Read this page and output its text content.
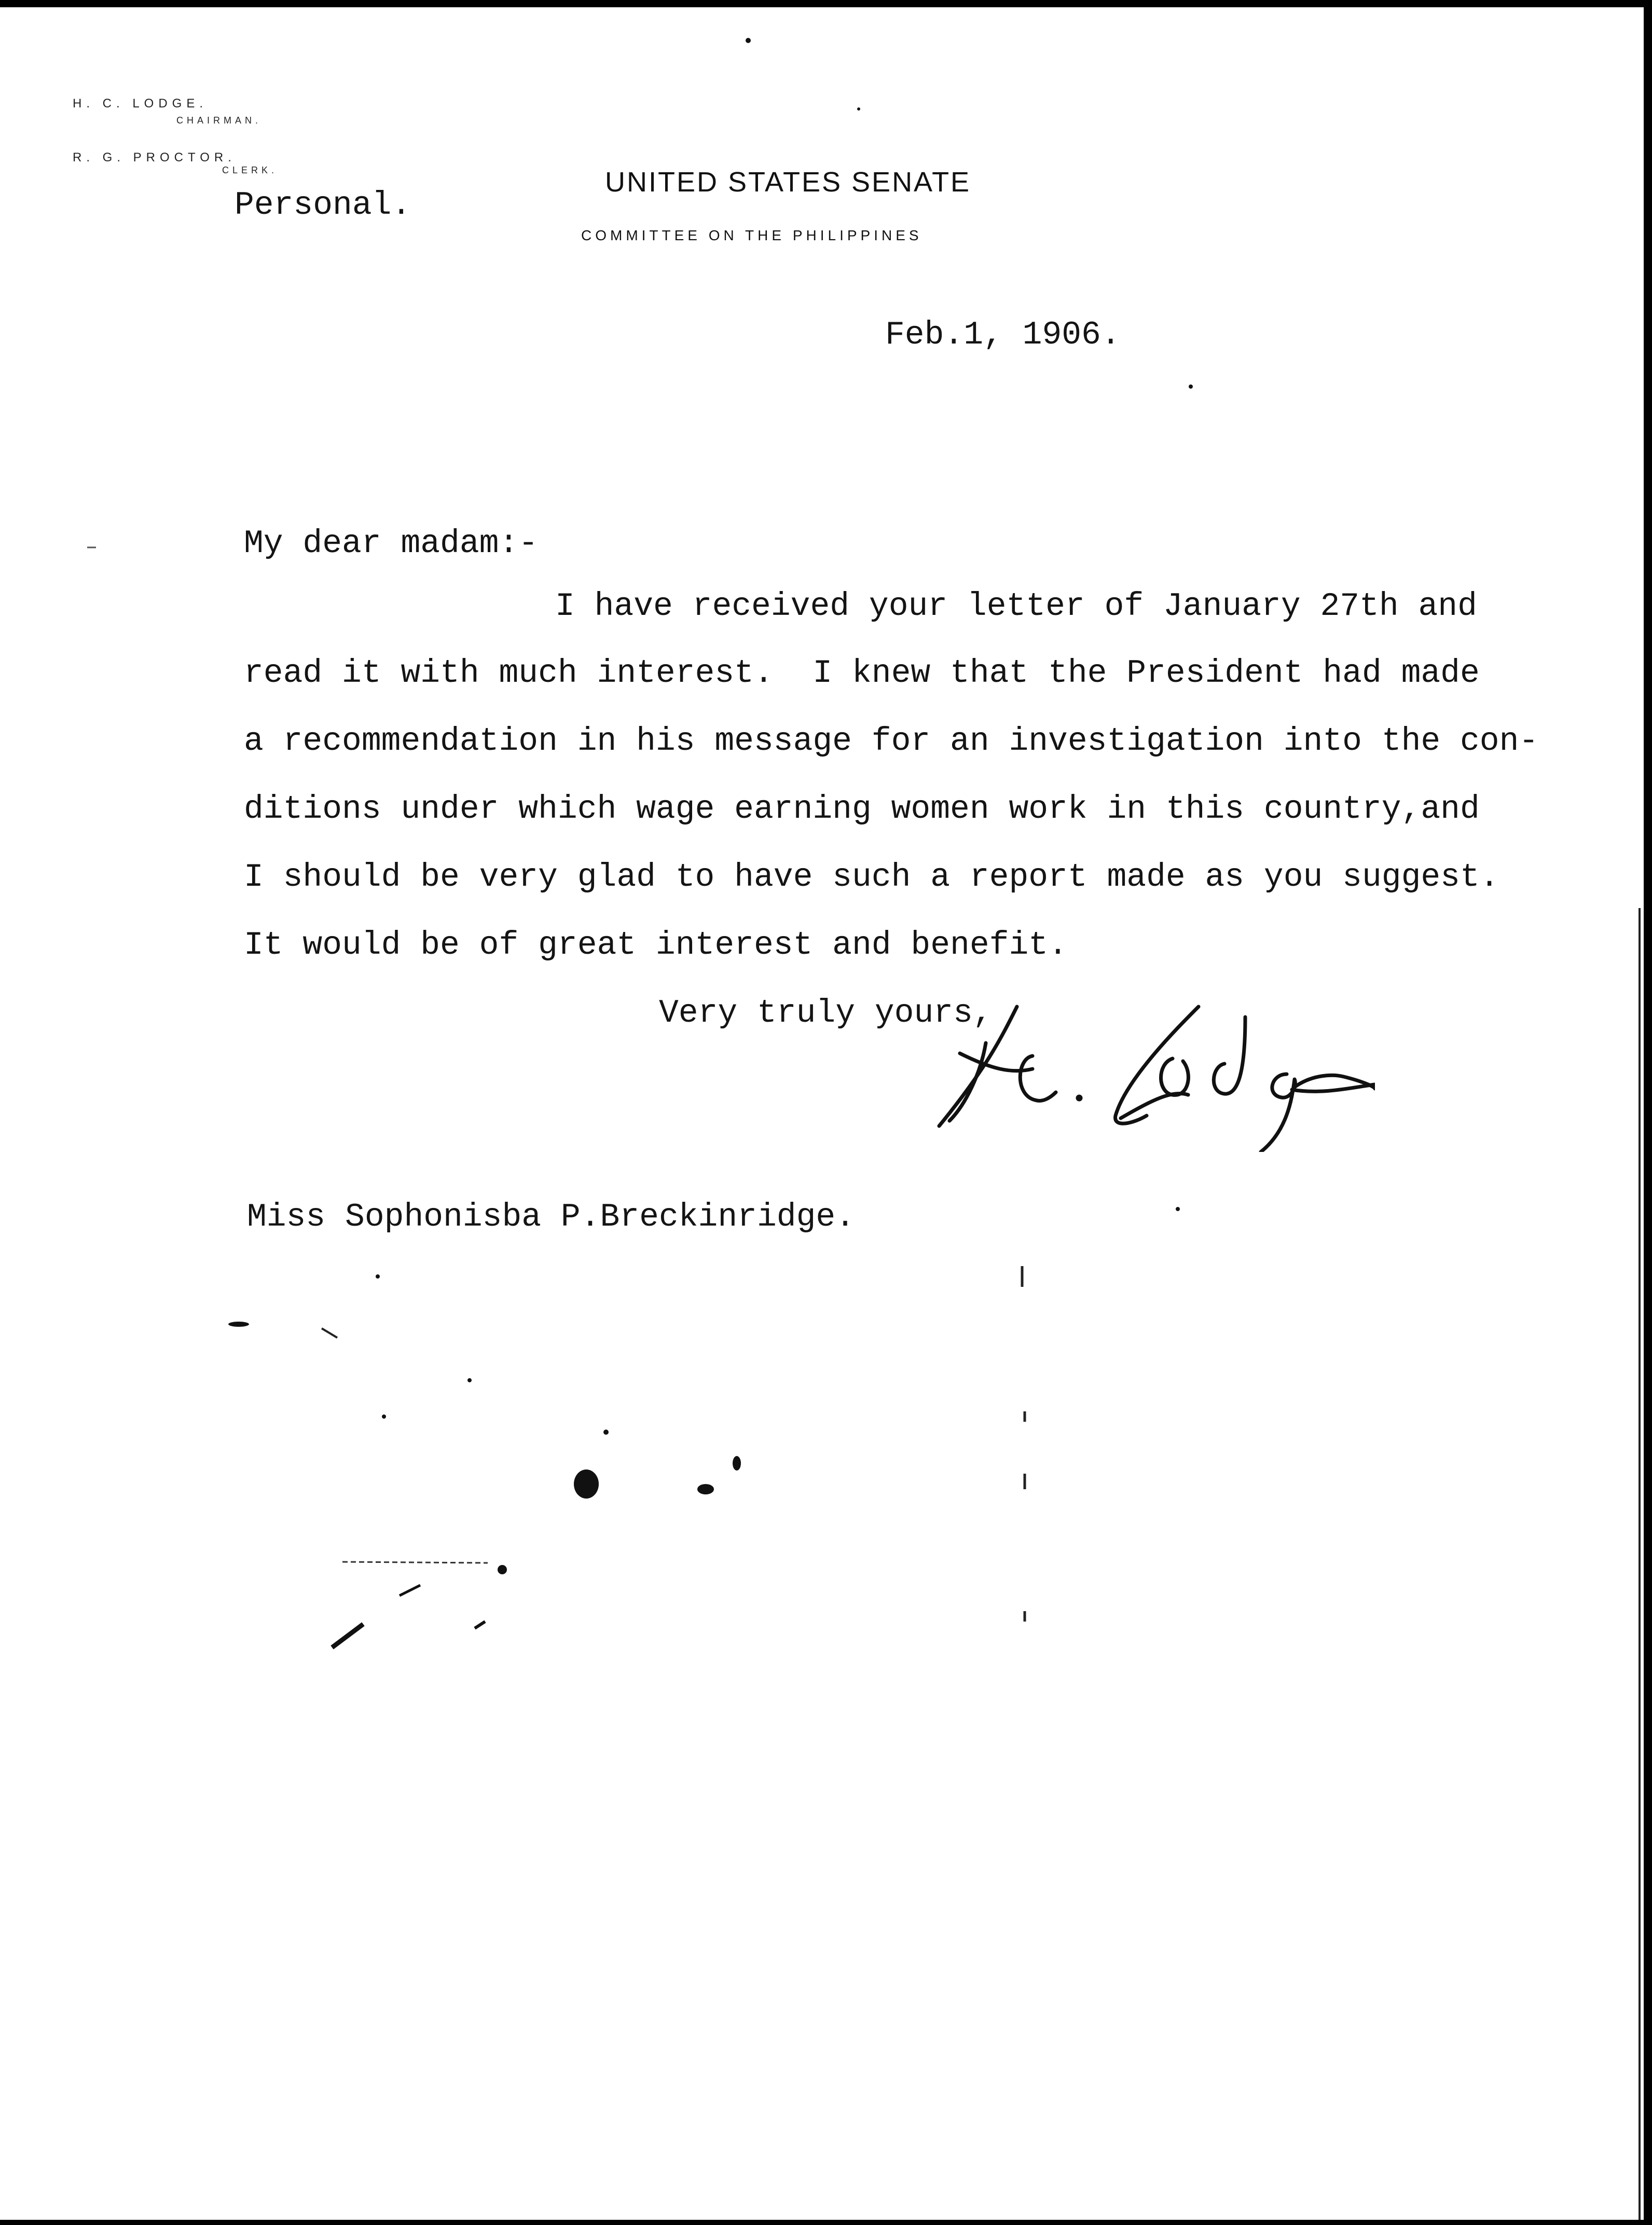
H. C. LODGE.
CHAIRMAN.
R. G. PROCTOR.
CLERK.	UNITED STATES SENATE
COMMITTEE ON THE PHILIPPINES
Personal.
Feb.1, 1906.
My dear madam:-
I have received your letter of January 27th and
read it with much interest.  I knew that the President had made
a recommendation in his message for an investigation into the con-
ditions under which wage earning women work in this country,and
I should be very glad to have such a report made as you suggest.
It would be of great interest and benefit.
Very truly yours,
Miss Sophonisba P.Breckinridge.
